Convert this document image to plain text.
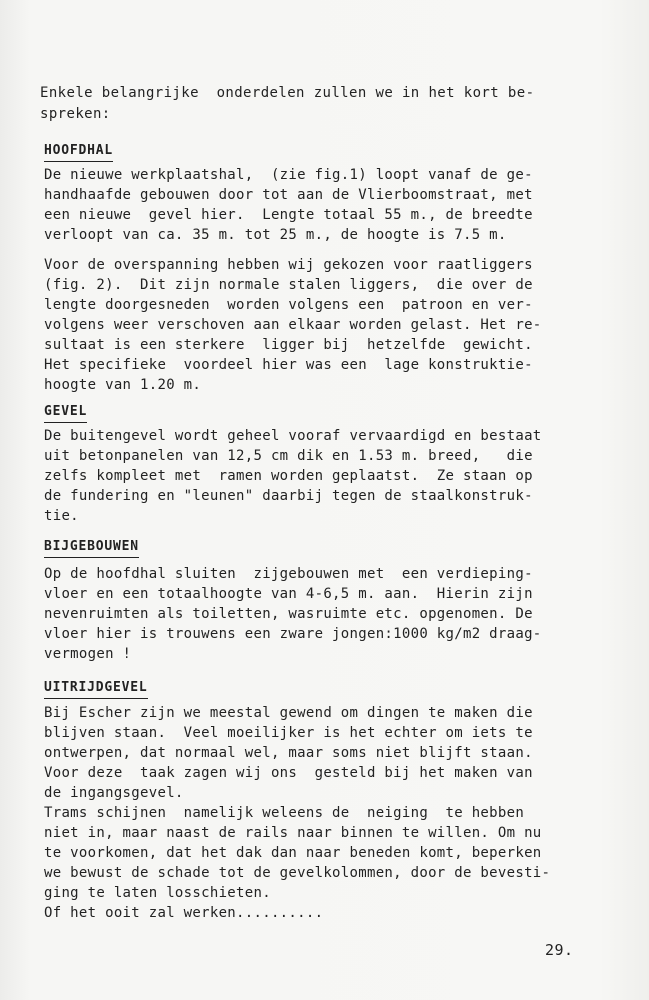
Enkele belangrijke  onderdelen zullen we in het kort be-
spreken:
HOOFDHAL
De nieuwe werkplaatshal,  (zie fig.1) loopt vanaf de ge-
handhaafde gebouwen door tot aan de Vlierboomstraat, met
een nieuwe  gevel hier.  Lengte totaal 55 m., de breedte
verloopt van ca. 35 m. tot 25 m., de hoogte is 7.5 m.
Voor de overspanning hebben wij gekozen voor raatliggers
(fig. 2).  Dit zijn normale stalen liggers,  die over de
lengte doorgesneden  worden volgens een  patroon en ver-
volgens weer verschoven aan elkaar worden gelast. Het re-
sultaat is een sterkere  ligger bij  hetzelfde  gewicht.
Het specifieke  voordeel hier was een  lage konstruktie-
hoogte van 1.20 m.
GEVEL
De buitengevel wordt geheel vooraf vervaardigd en bestaat
uit betonpanelen van 12,5 cm dik en 1.53 m. breed,   die
zelfs kompleet met  ramen worden geplaatst.  Ze staan op
de fundering en "leunen" daarbij tegen de staalkonstruk-
tie.
BIJGEBOUWEN
Op de hoofdhal sluiten  zijgebouwen met  een verdieping-
vloer en een totaalhoogte van 4-6,5 m. aan.  Hierin zijn
nevenruimten als toiletten, wasruimte etc. opgenomen. De
vloer hier is trouwens een zware jongen:1000 kg/m2 draag-
vermogen !
UITRIJDGEVEL
Bij Escher zijn we meestal gewend om dingen te maken die
blijven staan.  Veel moeilijker is het echter om iets te
ontwerpen, dat normaal wel, maar soms niet blijft staan.
Voor deze  taak zagen wij ons  gesteld bij het maken van
de ingangsgevel.
Trams schijnen  namelijk weleens de  neiging  te hebben
niet in, maar naast de rails naar binnen te willen. Om nu
te voorkomen, dat het dak dan naar beneden komt, beperken
we bewust de schade tot de gevelkolommen, door de bevesti-
ging te laten losschieten.
Of het ooit zal werken..........
29.
